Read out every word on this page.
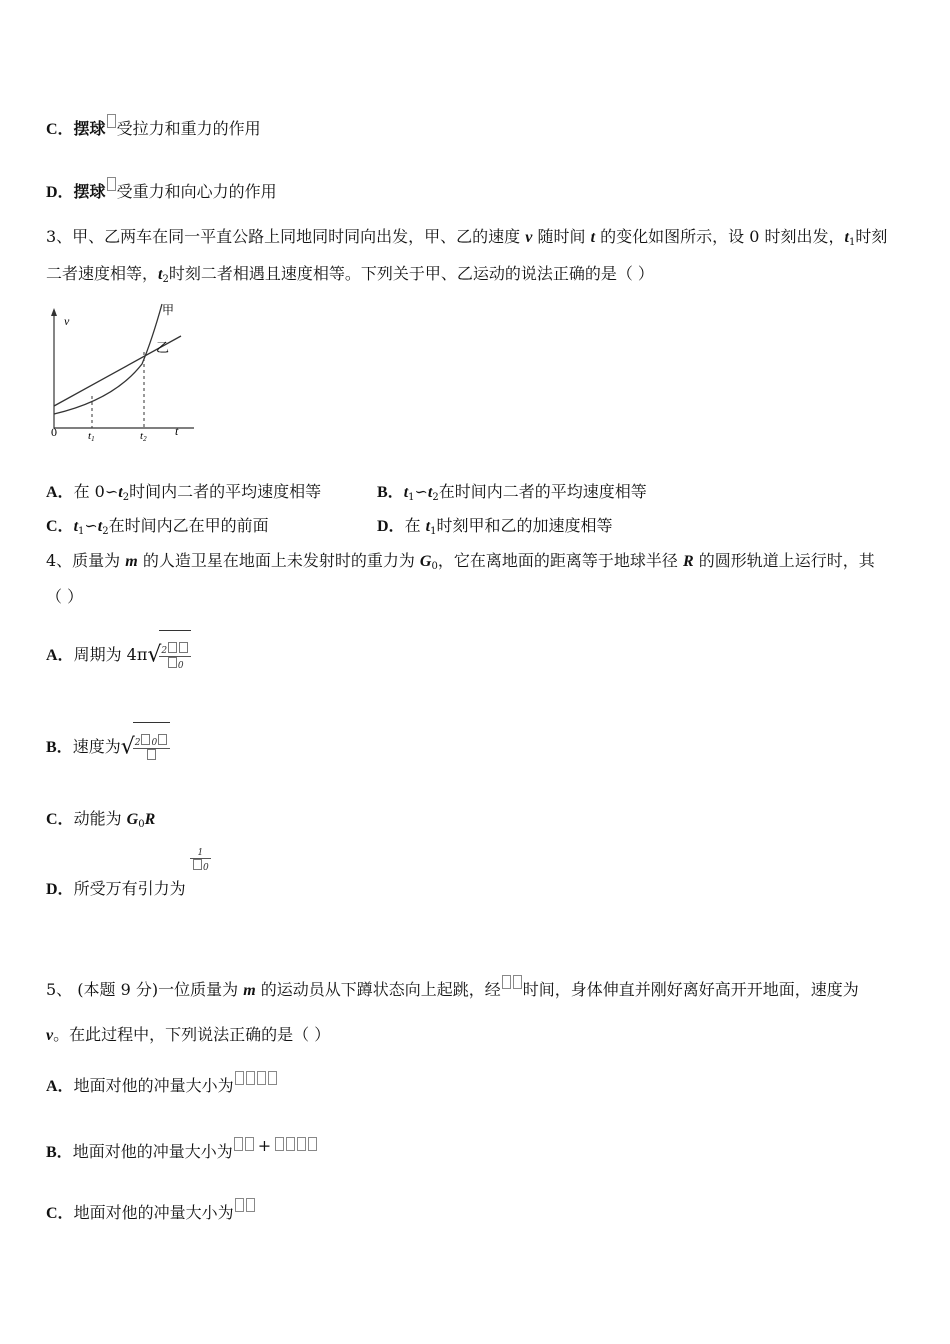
C．摆球 受拉力和重力的作用
D．摆球 受重力和向心力的作用
3、甲、乙两车在同一平直公路上同地同时同向出发，甲、乙的速度 v 随时间 t 的变化如图所示，设 0 时刻出发，$t_1$时刻
二者速度相等，$t_2$时刻二者相遇且速度相等。下列关于甲、乙运动的说法正确的是（ ）
v
0	t
t1	t2
甲
乙
A．在 $0∽t_2$时间内二者的平均速度相等	B．$t_1∽t_2$在时间内二者的平均速度相等
C．$t_1∽t_2$在时间内乙在甲的前面	D．在 $t_1$时刻甲和乙的加速度相等
4、质量为 m 的人造卫星在地面上未发射时的重力为 $G_0$，它在离地面的距离等于地球半径 R 的圆形轨道上运行时，其
（ ）
A．周期为 4π√
$\frac{2}{0}$
B．速度为√ 2 0
C．动能为 $G_0R$
D．所受万有引力为
$\frac{1}{0}$
5、 (本题 9 分)一位质量为 m 的运动员从下蹲状态向上起跳，经 时间，身体伸直并刚好离好高开开地面，速度为
v。在此过程中，下列说法正确的是（ ）
A．地面对他的冲量大小为
B．地面对他的冲量大小为 +
C．地面对他的冲量大小为
